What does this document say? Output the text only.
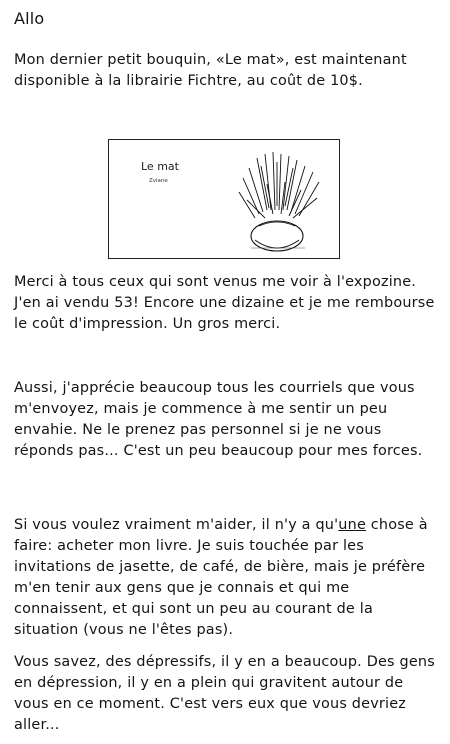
Allo
Mon dernier petit bouquin, «Le mat», est maintenant disponible à la librairie Fichtre, au coût de 10$.
Le mat
Zviane
Merci à tous ceux qui sont venus me voir à l'expozine. J'en ai vendu 53! Encore une dizaine et je me rembourse le coût d'impression. Un gros merci.
Aussi, j'apprécie beaucoup tous les courriels que vous m'envoyez, mais je commence à me sentir un peu envahie. Ne le prenez pas personnel si je ne vous réponds pas... C'est un peu beaucoup pour mes forces.
Si vous voulez vraiment m'aider, il n'y a qu'une chose à faire: acheter mon livre. Je suis touchée par les invitations de jasette, de café, de bière, mais je préfère m'en tenir aux gens que je connais et qui me connaissent, et qui sont un peu au courant de la situation (vous ne l'êtes pas).
Vous savez, des dépressifs, il y en a beaucoup. Des gens en dépression, il y en a plein qui gravitent autour de vous en ce moment. C'est vers eux que vous devriez aller...
